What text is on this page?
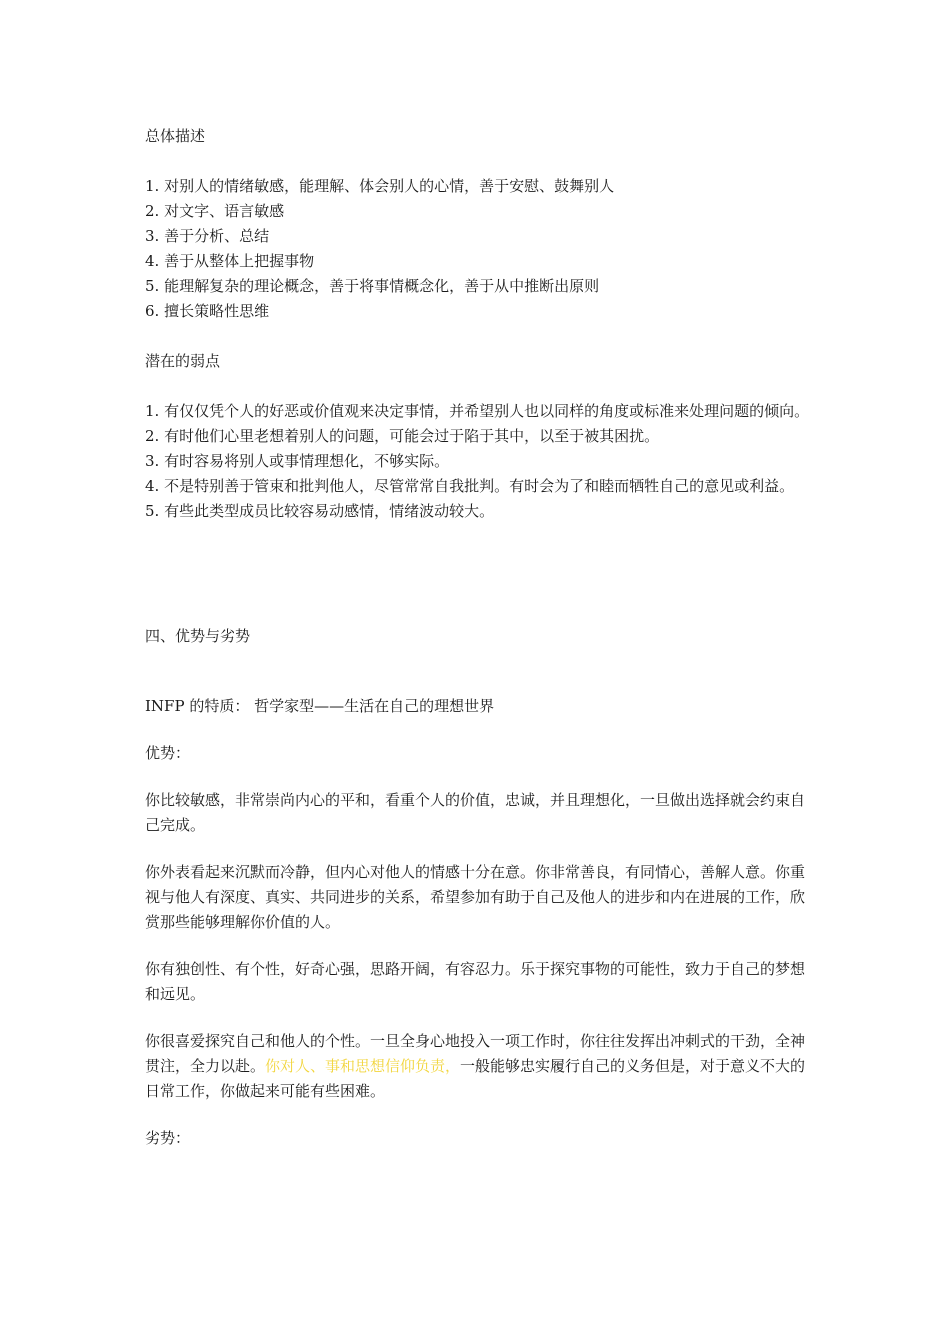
总体描述
1. 对别人的情绪敏感，能理解、体会别人的心情，善于安慰、鼓舞别人
2. 对文字、语言敏感
3. 善于分析、总结
4. 善于从整体上把握事物
5. 能理解复杂的理论概念，善于将事情概念化，善于从中推断出原则
6. 擅长策略性思维
潜在的弱点
1. 有仅仅凭个人的好恶或价值观来决定事情，并希望别人也以同样的角度或标准来处理问题的倾向。
2. 有时他们心里老想着别人的问题，可能会过于陷于其中，以至于被其困扰。
3. 有时容易将别人或事情理想化，不够实际。
4. 不是特别善于管束和批判他人，尽管常常自我批判。有时会为了和睦而牺牲自己的意见或利益。
5. 有些此类型成员比较容易动感情，情绪波动较大。
四、优势与劣势
INFP 的特质： 哲学家型——生活在自己的理想世界
优势：
你比较敏感，非常崇尚内心的平和，看重个人的价值，忠诚，并且理想化，一旦做出选择就会约束自己完成。
你外表看起来沉默而冷静，但内心对他人的情感十分在意。你非常善良，有同情心，善解人意。你重视与他人有深度、真实、共同进步的关系，希望参加有助于自己及他人的进步和内在进展的工作，欣赏那些能够理解你价值的人。
你有独创性、有个性，好奇心强，思路开阔，有容忍力。乐于探究事物的可能性，致力于自己的梦想和远见。
你很喜爱探究自己和他人的个性。一旦全身心地投入一项工作时，你往往发挥出冲刺式的干劲，全神贯注，全力以赴。你对人、事和思想信仰负责，一般能够忠实履行自己的义务但是，对于意义不大的日常工作，你做起来可能有些困难。
劣势：
